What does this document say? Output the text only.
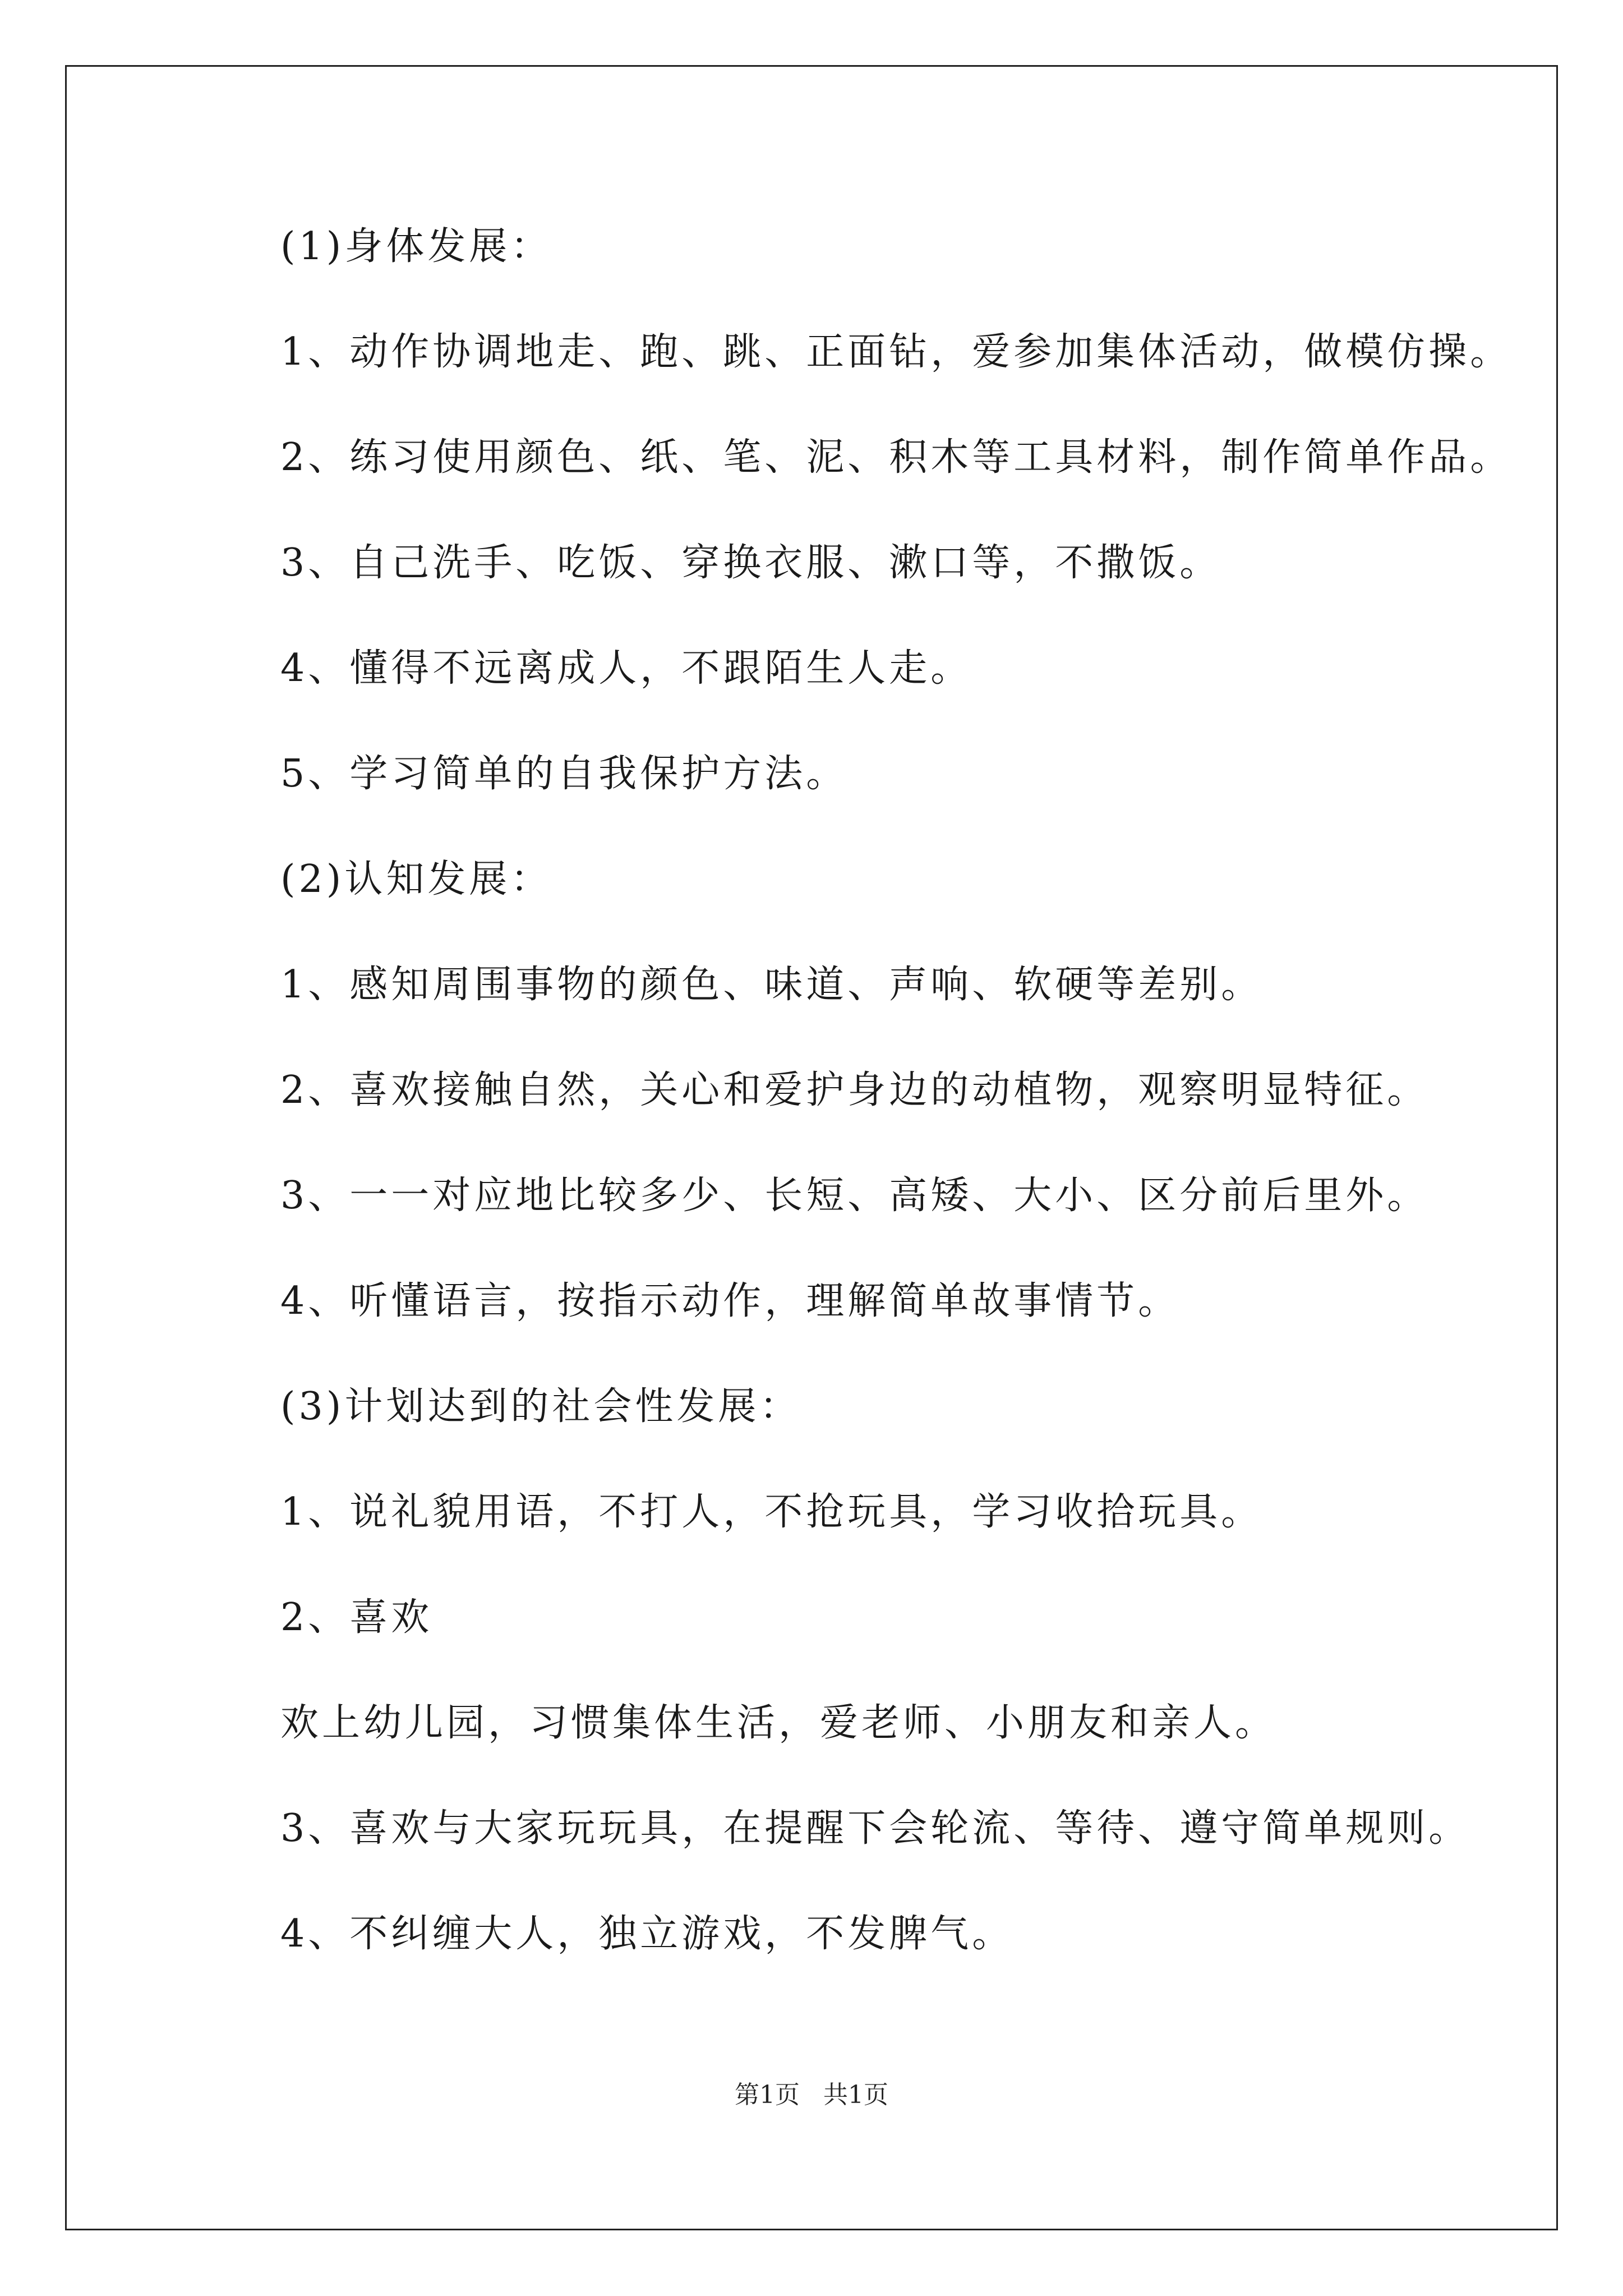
(1)身体发展：
1、动作协调地走、跑、跳、正面钻，爱参加集体活动，做模仿操。
2、练习使用颜色、纸、笔、泥、积木等工具材料，制作简单作品。
3、自己洗手、吃饭、穿换衣服、漱口等，不撒饭。
4、懂得不远离成人，不跟陌生人走。
5、学习简单的自我保护方法。
(2)认知发展：
1、感知周围事物的颜色、味道、声响、软硬等差别。
2、喜欢接触自然，关心和爱护身边的动植物，观察明显特征。
3、一一对应地比较多少、长短、高矮、大小、区分前后里外。
4、听懂语言，按指示动作，理解简单故事情节。
(3)计划达到的社会性发展：
1、说礼貌用语，不打人，不抢玩具，学习收拾玩具。
2、喜欢
欢上幼儿园，习惯集体生活，爱老师、小朋友和亲人。
3、喜欢与大家玩玩具，在提醒下会轮流、等待、遵守简单规则。
4、不纠缠大人，独立游戏，不发脾气。
第1页   共1页
